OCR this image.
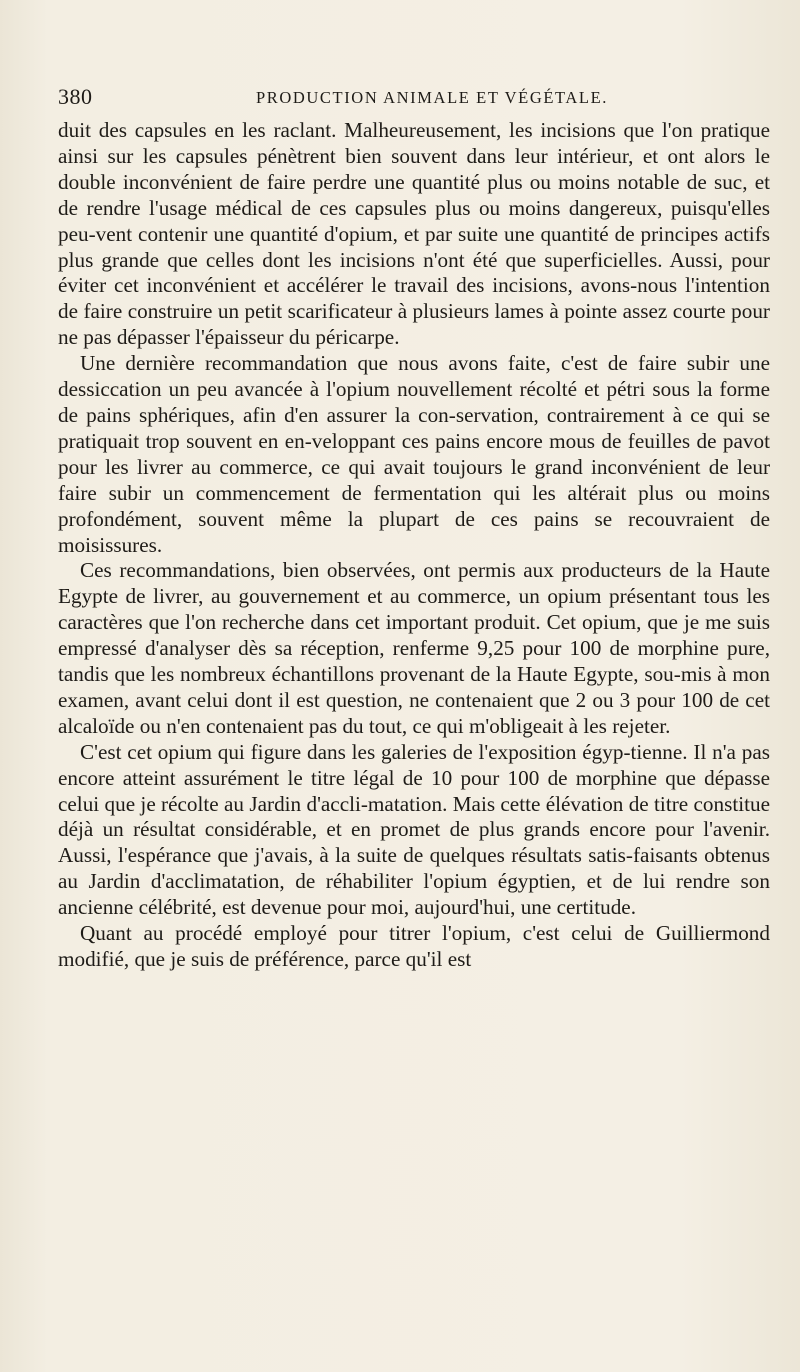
380	PRODUCTION ANIMALE ET VÉGÉTALE.

duit des capsules en les raclant. Malheureusement, les incisions que l'on pratique ainsi sur les capsules pénètrent bien souvent dans leur intérieur, et ont alors le double inconvénient de faire perdre une quantité plus ou moins notable de suc, et de rendre l'usage médical de ces capsules plus ou moins dangereux, puisqu'elles peu-vent contenir une quantité d'opium, et par suite une quantité de principes actifs plus grande que celles dont les incisions n'ont été que superficielles. Aussi, pour éviter cet inconvénient et accélérer le travail des incisions, avons-nous l'intention de faire construire un petit scarificateur à plusieurs lames à pointe assez courte pour ne pas dépasser l'épaisseur du péricarpe.

Une dernière recommandation que nous avons faite, c'est de faire subir une dessiccation un peu avancée à l'opium nouvellement récolté et pétri sous la forme de pains sphériques, afin d'en assurer la con-servation, contrairement à ce qui se pratiquait trop souvent en en-veloppant ces pains encore mous de feuilles de pavot pour les livrer au commerce, ce qui avait toujours le grand inconvénient de leur faire subir un commencement de fermentation qui les altérait plus ou moins profondément, souvent même la plupart de ces pains se recouvraient de moisissures.

Ces recommandations, bien observées, ont permis aux producteurs de la Haute Egypte de livrer, au gouvernement et au commerce, un opium présentant tous les caractères que l'on recherche dans cet important produit. Cet opium, que je me suis empressé d'analyser dès sa réception, renferme 9,25 pour 100 de morphine pure, tandis que les nombreux échantillons provenant de la Haute Egypte, sou-mis à mon examen, avant celui dont il est question, ne contenaient que 2 ou 3 pour 100 de cet alcaloïde ou n'en contenaient pas du tout, ce qui m'obligeait à les rejeter.

C'est cet opium qui figure dans les galeries de l'exposition égyp-tienne. Il n'a pas encore atteint assurément le titre légal de 10 pour 100 de morphine que dépasse celui que je récolte au Jardin d'accli-matation. Mais cette élévation de titre constitue déjà un résultat considérable, et en promet de plus grands encore pour l'avenir. Aussi, l'espérance que j'avais, à la suite de quelques résultats satis-faisants obtenus au Jardin d'acclimatation, de réhabiliter l'opium égyptien, et de lui rendre son ancienne célébrité, est devenue pour moi, aujourd'hui, une certitude.

Quant au procédé employé pour titrer l'opium, c'est celui de Guilliermond modifié, que je suis de préférence, parce qu'il est
